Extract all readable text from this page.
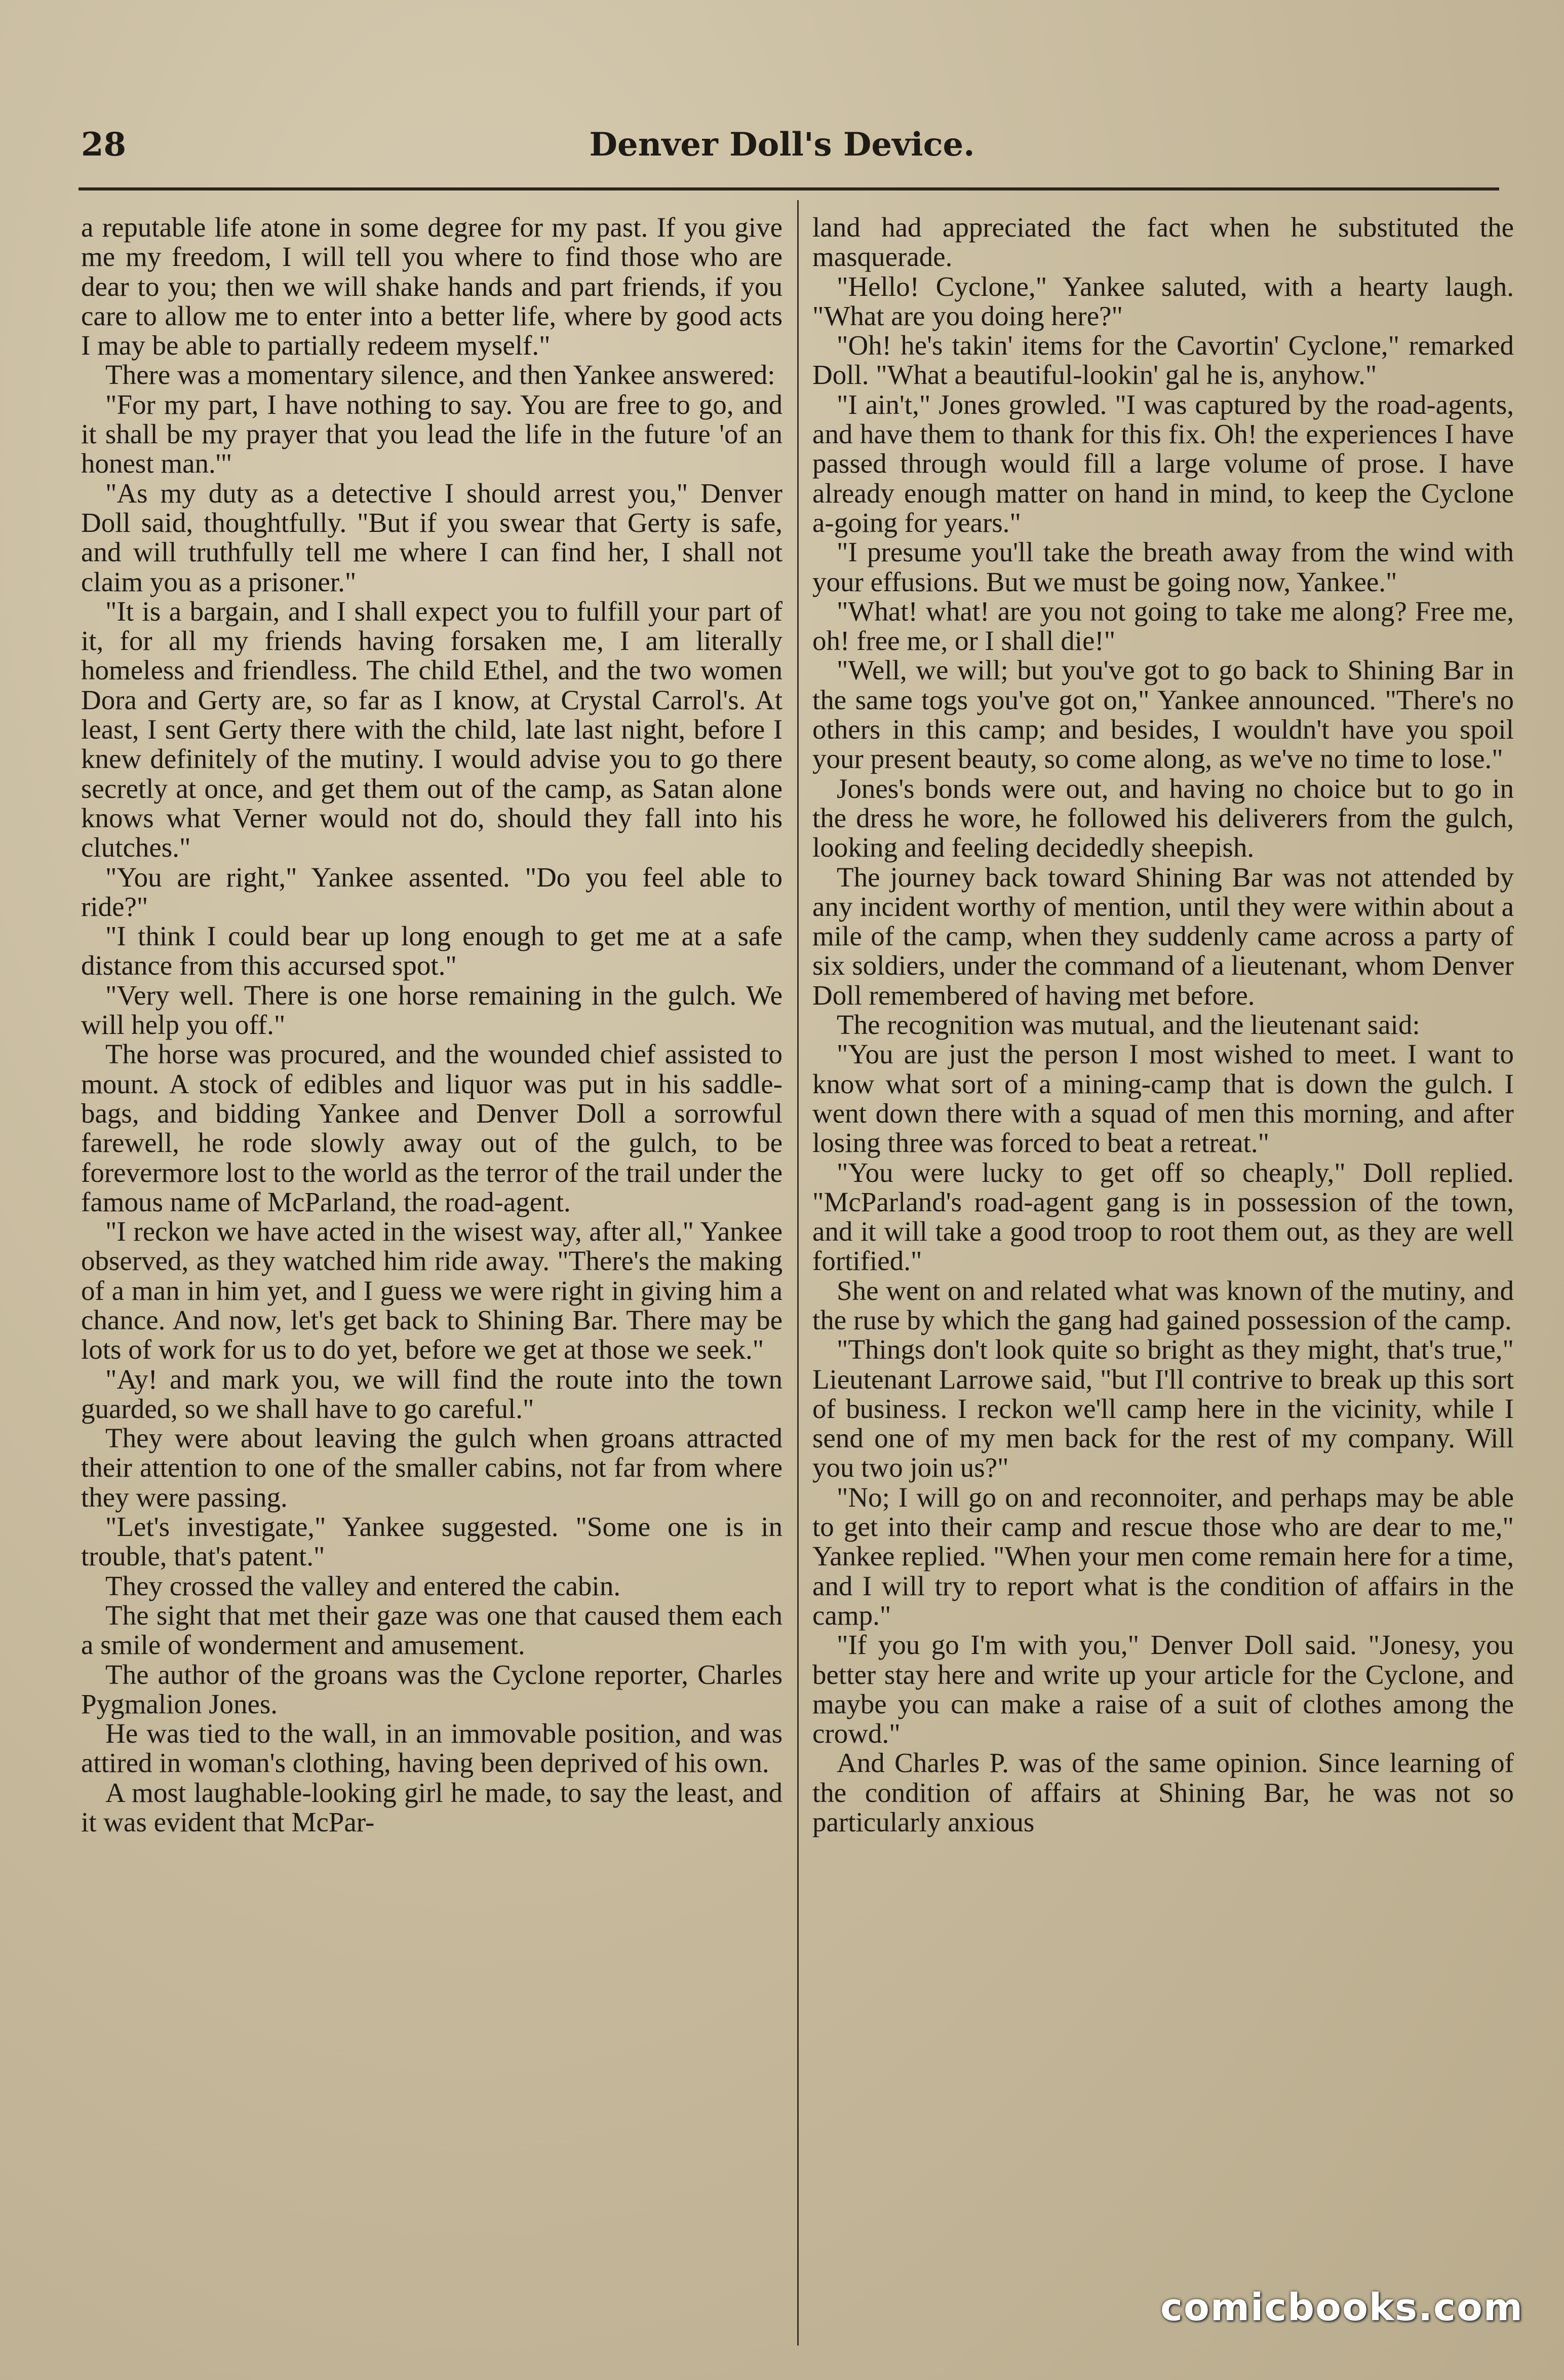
28	Denver Doll's Device.

a reputable life atone in some degree for my past. If you give me my freedom, I will tell you where to find those who are dear to you; then we will shake hands and part friends, if you care to allow me to enter into a better life, where by good acts I may be able to partially redeem myself."

There was a momentary silence, and then Yankee answered:

"For my part, I have nothing to say. You are free to go, and it shall be my prayer that you lead the life in the future 'of an honest man.'"

"As my duty as a detective I should arrest you," Denver Doll said, thoughtfully. "But if you swear that Gerty is safe, and will truthfully tell me where I can find her, I shall not claim you as a prisoner."

"It is a bargain, and I shall expect you to fulfill your part of it, for all my friends having forsaken me, I am literally homeless and friendless. The child Ethel, and the two women Dora and Gerty are, so far as I know, at Crystal Carrol's. At least, I sent Gerty there with the child, late last night, before I knew definitely of the mutiny. I would advise you to go there secretly at once, and get them out of the camp, as Satan alone knows what Verner would not do, should they fall into his clutches."

"You are right," Yankee assented. "Do you feel able to ride?"

"I think I could bear up long enough to get me at a safe distance from this accursed spot."

"Very well. There is one horse remaining in the gulch. We will help you off."

The horse was procured, and the wounded chief assisted to mount. A stock of edibles and liquor was put in his saddle-bags, and bidding Yankee and Denver Doll a sorrowful farewell, he rode slowly away out of the gulch, to be forevermore lost to the world as the terror of the trail under the famous name of McParland, the road-agent.

"I reckon we have acted in the wisest way, after all," Yankee observed, as they watched him ride away. "There's the making of a man in him yet, and I guess we were right in giving him a chance. And now, let's get back to Shining Bar. There may be lots of work for us to do yet, before we get at those we seek."

"Ay! and mark you, we will find the route into the town guarded, so we shall have to go careful."

They were about leaving the gulch when groans attracted their attention to one of the smaller cabins, not far from where they were passing.

"Let's investigate," Yankee suggested. "Some one is in trouble, that's patent."

They crossed the valley and entered the cabin.

The sight that met their gaze was one that caused them each a smile of wonderment and amusement.

The author of the groans was the Cyclone reporter, Charles Pygmalion Jones.

He was tied to the wall, in an immovable position, and was attired in woman's clothing, having been deprived of his own.

A most laughable-looking girl he made, to say the least, and it was evident that McPar-

land had appreciated the fact when he substituted the masquerade.

"Hello! Cyclone," Yankee saluted, with a hearty laugh. "What are you doing here?"

"Oh! he's takin' items for the Cavortin' Cyclone," remarked Doll. "What a beautiful-lookin' gal he is, anyhow."

"I ain't," Jones growled. "I was captured by the road-agents, and have them to thank for this fix. Oh! the experiences I have passed through would fill a large volume of prose. I have already enough matter on hand in mind, to keep the Cyclone a-going for years."

"I presume you'll take the breath away from the wind with your effusions. But we must be going now, Yankee."

"What! what! are you not going to take me along? Free me, oh! free me, or I shall die!"

"Well, we will; but you've got to go back to Shining Bar in the same togs you've got on," Yankee announced. "There's no others in this camp; and besides, I wouldn't have you spoil your present beauty, so come along, as we've no time to lose."

Jones's bonds were out, and having no choice but to go in the dress he wore, he followed his deliverers from the gulch, looking and feeling decidedly sheepish.

The journey back toward Shining Bar was not attended by any incident worthy of mention, until they were within about a mile of the camp, when they suddenly came across a party of six soldiers, under the command of a lieutenant, whom Denver Doll remembered of having met before.

The recognition was mutual, and the lieutenant said:

"You are just the person I most wished to meet. I want to know what sort of a mining-camp that is down the gulch. I went down there with a squad of men this morning, and after losing three was forced to beat a retreat."

"You were lucky to get off so cheaply," Doll replied. "McParland's road-agent gang is in possession of the town, and it will take a good troop to root them out, as they are well fortified."

She went on and related what was known of the mutiny, and the ruse by which the gang had gained possession of the camp.

"Things don't look quite so bright as they might, that's true," Lieutenant Larrowe said, "but I'll contrive to break up this sort of business. I reckon we'll camp here in the vicinity, while I send one of my men back for the rest of my company. Will you two join us?"

"No; I will go on and reconnoiter, and perhaps may be able to get into their camp and rescue those who are dear to me," Yankee replied. "When your men come remain here for a time, and I will try to report what is the condition of affairs in the camp."

"If you go I'm with you," Denver Doll said. "Jonesy, you better stay here and write up your article for the Cyclone, and maybe you can make a raise of a suit of clothes among the crowd."

And Charles P. was of the same opinion. Since learning of the condition of affairs at Shining Bar, he was not so particularly anxious

comicbooks.com
